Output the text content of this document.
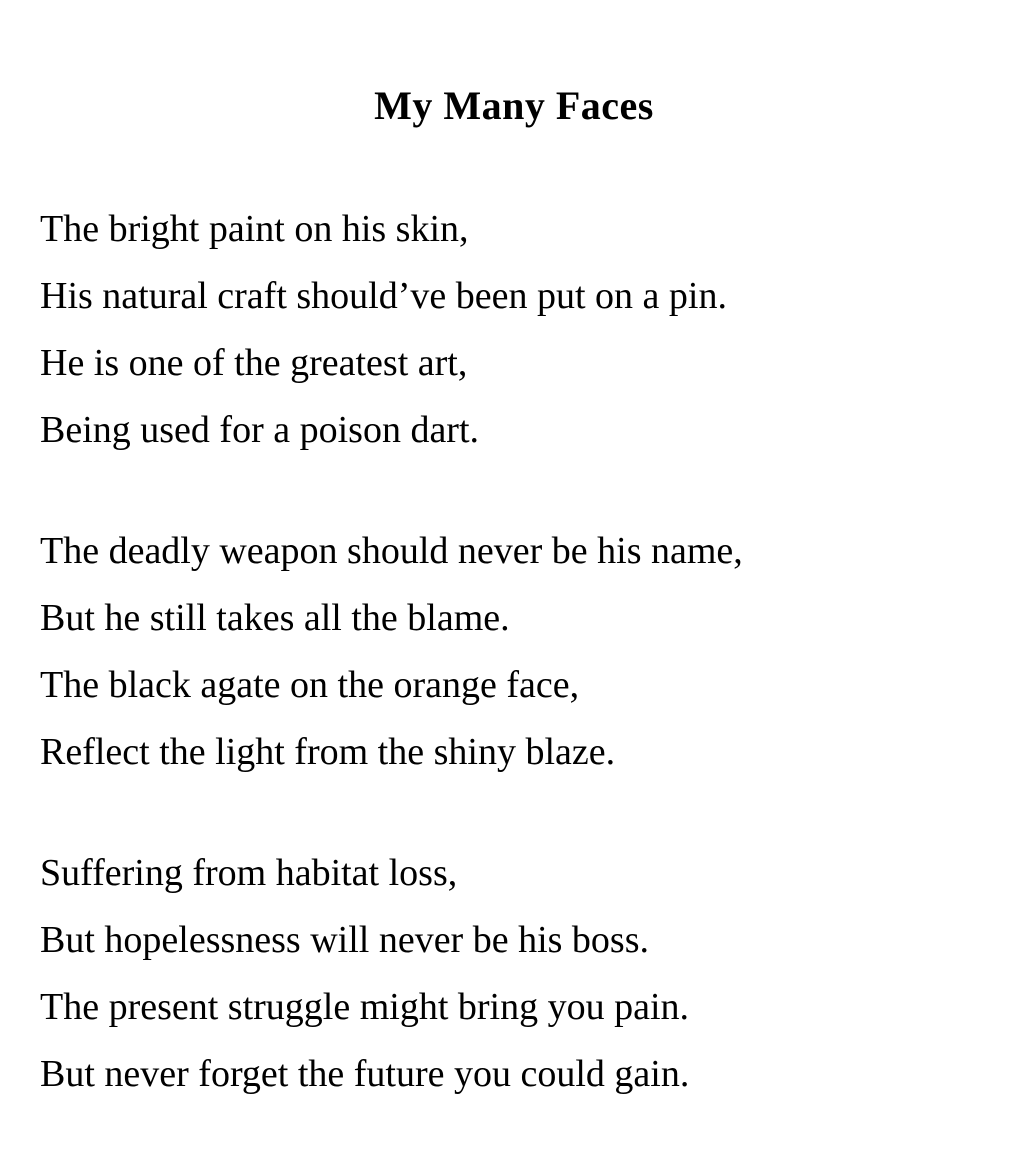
My Many Faces
The bright paint on his skin,
His natural craft should’ve been put on a pin.
He is one of the greatest art,
Being used for a poison dart.
The deadly weapon should never be his name,
But he still takes all the blame.
The black agate on the orange face,
Reflect the light from the shiny blaze.
Suffering from habitat loss,
But hopelessness will never be his boss.
The present struggle might bring you pain.
But never forget the future you could gain.
